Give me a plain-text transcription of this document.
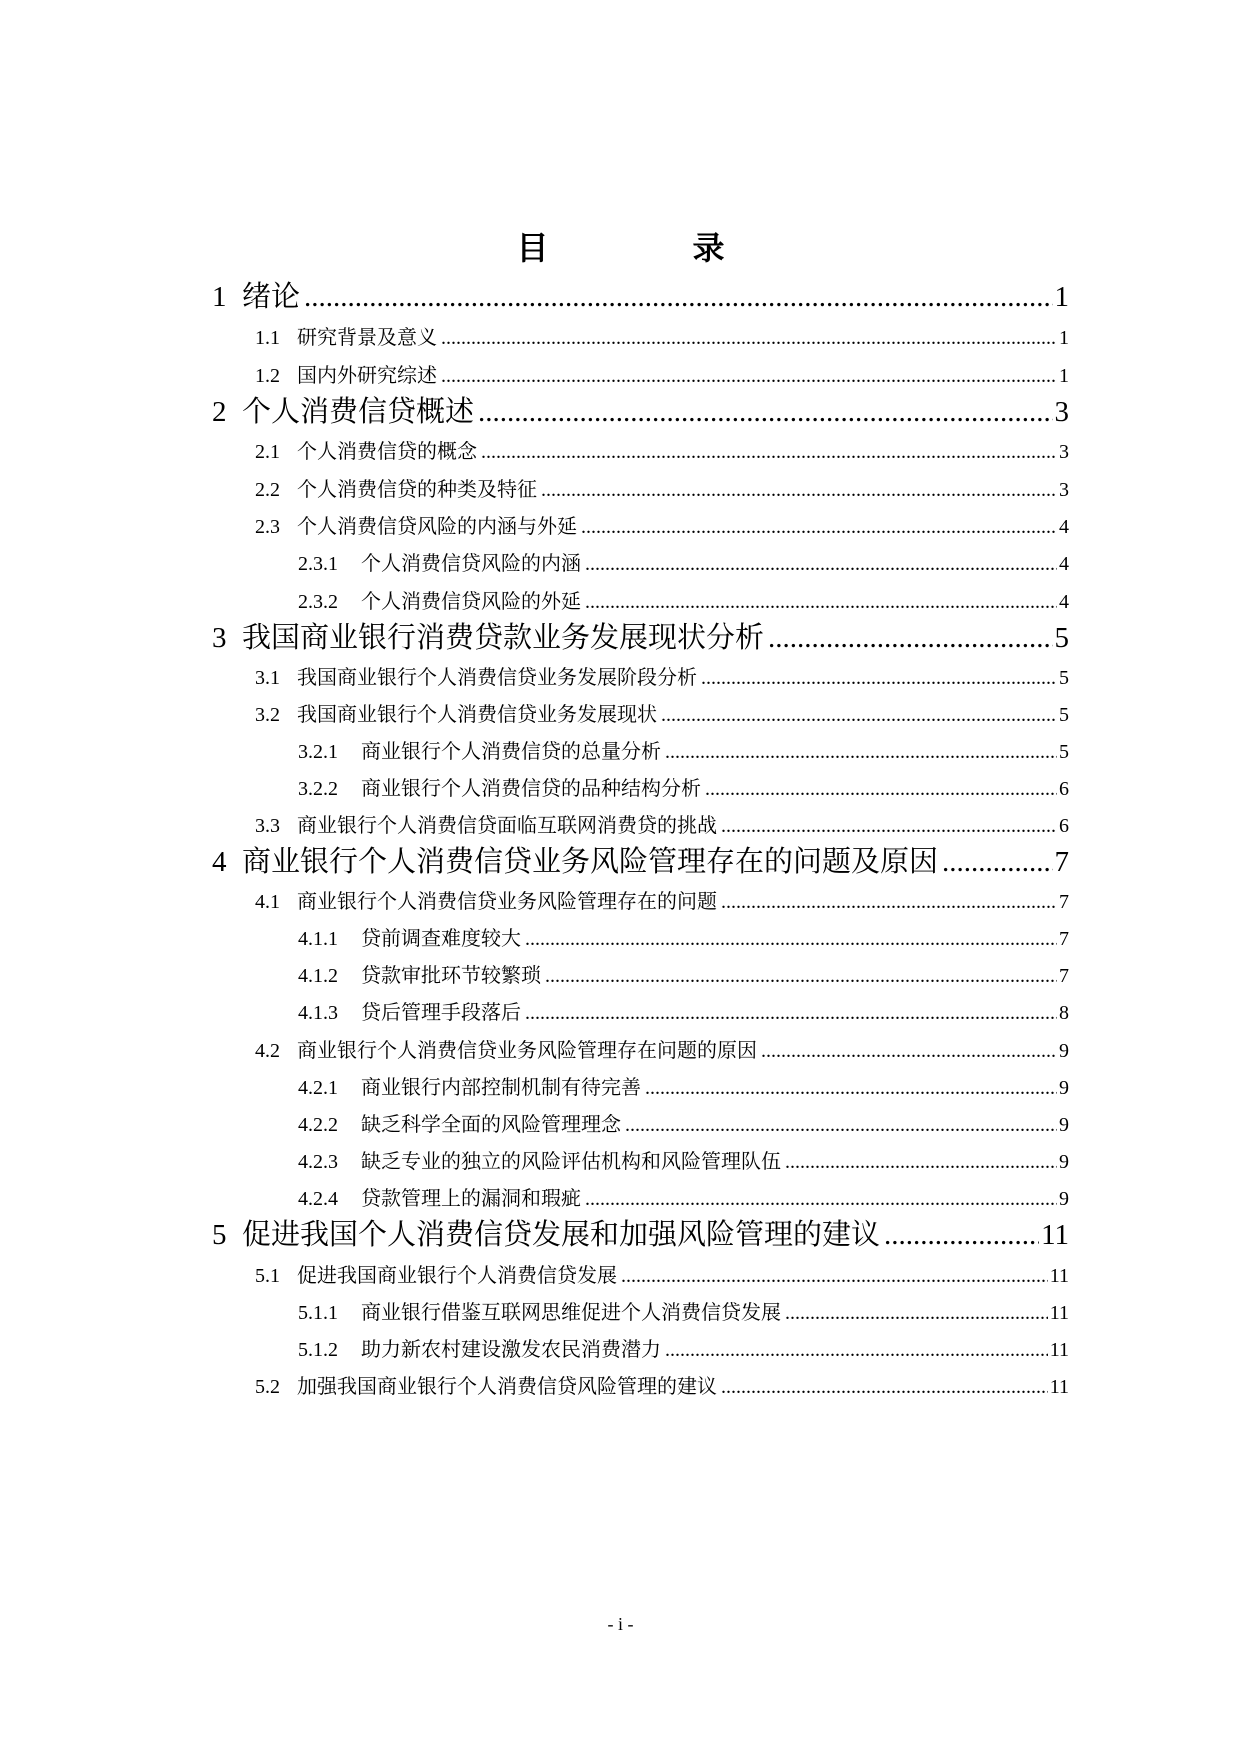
目　录
1 绪论 .....	1
1.1 研究背景及意义 .....	1
1.2 国内外研究综述 .....	1
2 个人消费信贷概述 .....	3
2.1 个人消费信贷的概念 .....	3
2.2 个人消费信贷的种类及特征 .....	3
2.3 个人消费信贷风险的内涵与外延 .....	4
2.3.1	个人消费信贷风险的内涵 .....	4
2.3.2	个人消费信贷风险的外延 .....	4
3 我国商业银行消费贷款业务发展现状分析 .....	5
3.1 我国商业银行个人消费信贷业务发展阶段分析 .....	5
3.2 我国商业银行个人消费信贷业务发展现状 .....	5
3.2.1	商业银行个人消费信贷的总量分析 .....	5
3.2.2	商业银行个人消费信贷的品种结构分析 .....	6
3.3 商业银行个人消费信贷面临互联网消费贷的挑战 .....	6
4 商业银行个人消费信贷业务风险管理存在的问题及原因 .....	7
4.1 商业银行个人消费信贷业务风险管理存在的问题 .....	7
4.1.1	贷前调查难度较大 .....	7
4.1.2	贷款审批环节较繁琐 .....	7
4.1.3	贷后管理手段落后 .....	8
4.2 商业银行个人消费信贷业务风险管理存在问题的原因 .....	9
4.2.1	商业银行内部控制机制有待完善 .....	9
4.2.2	缺乏科学全面的风险管理理念 .....	9
4.2.3	缺乏专业的独立的风险评估机构和风险管理队伍 .....	9
4.2.4	贷款管理上的漏洞和瑕疵 .....	9
5 促进我国个人消费信贷发展和加强风险管理的建议 .....	11
5.1 促进我国商业银行个人消费信贷发展 .....	11
5.1.1	商业银行借鉴互联网思维促进个人消费信贷发展 .....	11
5.1.2	助力新农村建设激发农民消费潜力 .....	11
5.2 加强我国商业银行个人消费信贷风险管理的建议 .....	11
- i -
